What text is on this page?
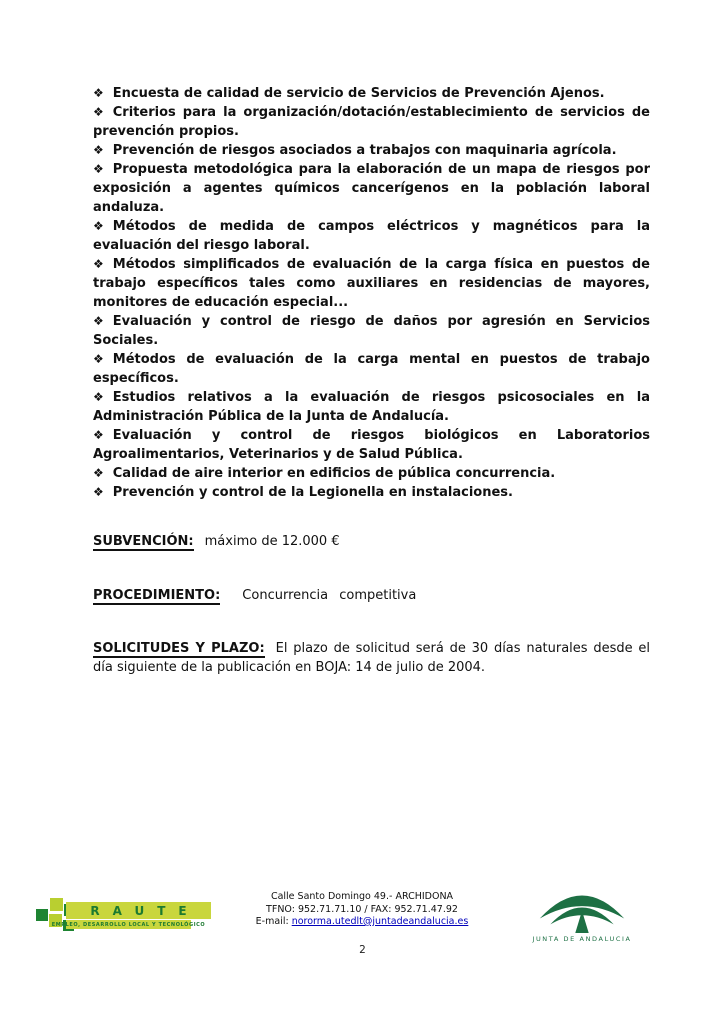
❖ Encuesta de calidad de servicio de Servicios de Prevención Ajenos.

❖ Criterios para la organización/dotación/establecimiento de servicios de prevención propios.

❖ Prevención de riesgos asociados a trabajos con maquinaria agrícola.

❖ Propuesta metodológica para la elaboración de un mapa de riesgos por exposición a agentes químicos cancerígenos en la población laboral andaluza.

❖ Métodos de medida de campos eléctricos y magnéticos para la evaluación del riesgo laboral.

❖ Métodos simplificados de evaluación de la carga física en puestos de trabajo específicos tales como auxiliares en residencias de mayores, monitores de educación especial...

❖ Evaluación y control de riesgo de daños por agresión en Servicios Sociales.

❖ Métodos de evaluación de la carga mental en puestos de trabajo específicos.

❖ Estudios relativos a la evaluación de riesgos psicosociales en la Administración Pública de la Junta de Andalucía.

❖ Evaluación y control de riesgos biológicos en Laboratorios Agroalimentarios, Veterinarios y de Salud Pública.

❖ Calidad de aire interior en edificios de pública concurrencia.

❖ Prevención y control de la Legionella en instalaciones.

SUBVENCIÓN: máximo de 12.000 €

PROCEDIMIENTO: Concurrencia competitiva

SOLICITUDES Y PLAZO: El plazo de solicitud será de 30 días naturales desde el día siguiente de la publicación en BOJA: 14 de julio de 2004.

RAUTE
EMPLEO, DESARROLLO LOCAL Y TECNOLÓGICO
Calle Santo Domingo 49.- ARCHIDONA
TFNO: 952.71.71.10 / FAX: 952.71.47.92
E-mail: nororma.utedlt@juntadeandalucia.es
JUNTA DE ANDALUCIA
2
